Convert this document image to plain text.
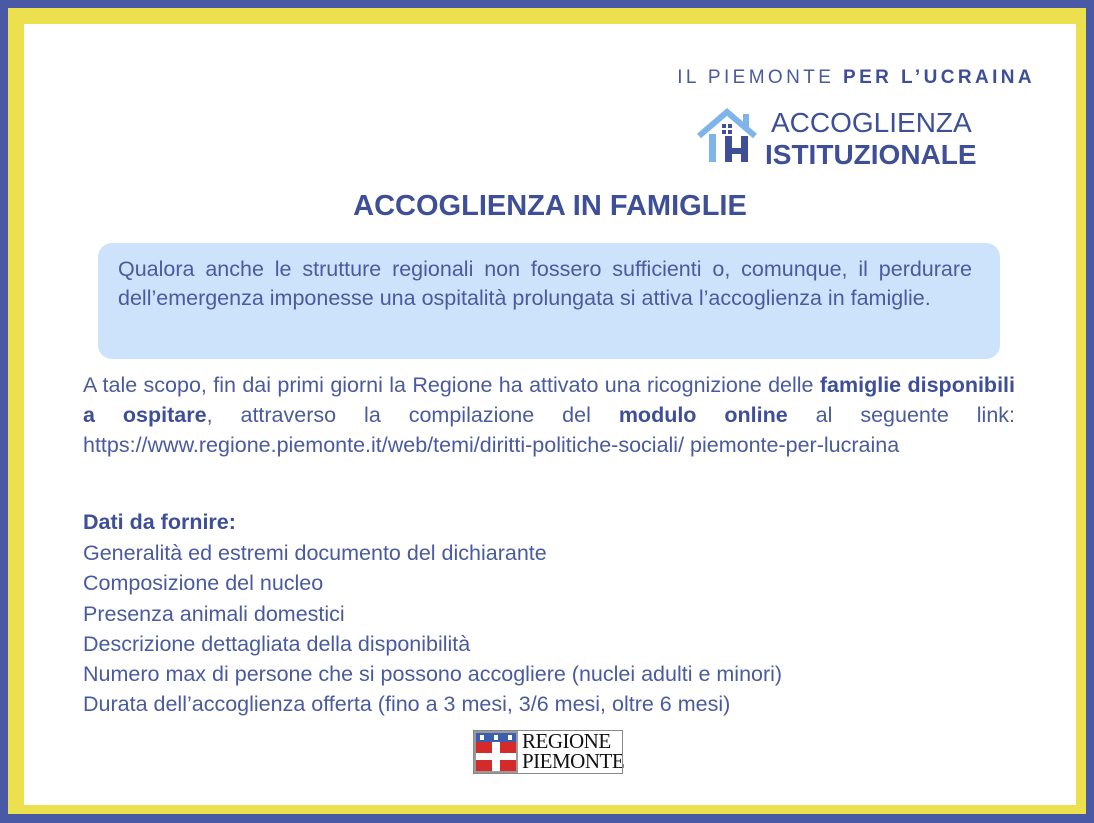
IL PIEMONTE PER L’UCRAINA
ACCOGLIENZA
ISTITUZIONALE
ACCOGLIENZA IN FAMIGLIE

Qualora anche le strutture regionali non fossero sufficienti o, comunque, il perdurare dell’emergenza imponesse una ospitalità prolungata si attiva l’accoglienza in famiglie.

A tale scopo, fin dai primi giorni la Regione ha attivato una ricognizione delle famiglie disponibili a ospitare, attraverso la compilazione del modulo online al seguente link: https://www.regione.piemonte.it/web/temi/diritti-politiche-sociali/ piemonte-per-lucraina

Dati da fornire:
Generalità ed estremi documento del dichiarante
Composizione del nucleo
Presenza animali domestici
Descrizione dettagliata della disponibilità
Numero max di persone che si possono accogliere (nuclei adulti e minori)
Durata dell’accoglienza offerta (fino a 3 mesi, 3/6 mesi, oltre 6 mesi)
REGIONE
PIEMONTE
